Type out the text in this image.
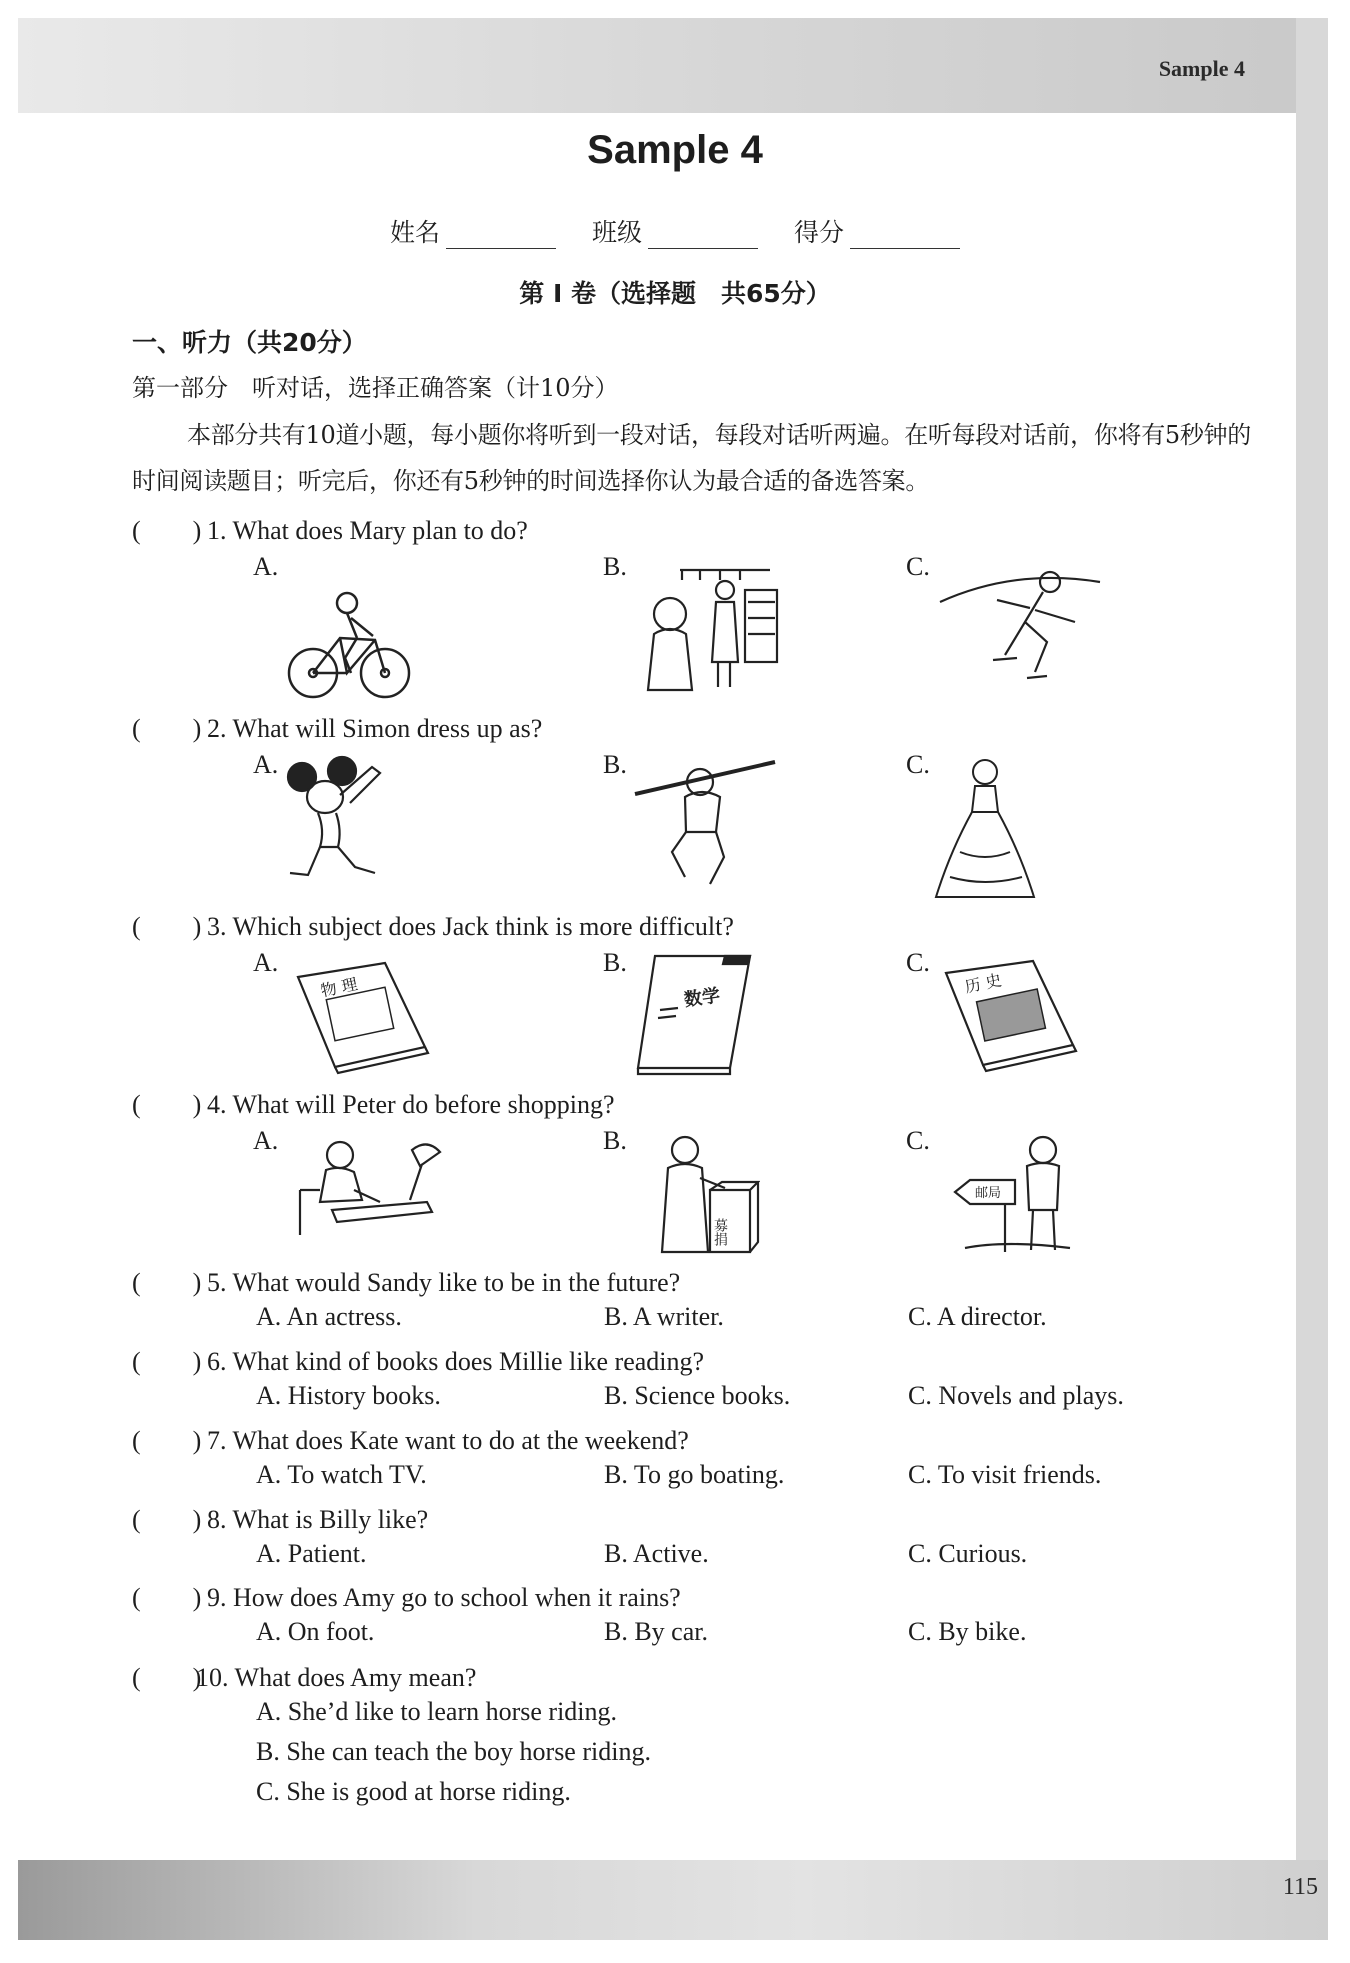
Sample 4
115
Sample 4
姓名	班级	得分
第 I 卷（选择题　共65分）
一、听力（共20分）
第一部分　听对话，选择正确答案（计10分）
本部分共有10道小题，每小题你将听到一段对话，每段对话听两遍。在听每段对话前，你将有5秒钟的时间阅读题目；听完后，你还有5秒钟的时间选择你认为最合适的备选答案。
(　　) 1. What does Mary plan to do?
A.	B.	C.
(　　) 2. What will Simon dress up as?
A.	B.	C.
(　　) 3. Which subject does Jack think is more difficult?
A.	B.	C.
物 理	数学
历 史
(　　) 4. What will Peter do before shopping?
A.	B.	C.
募捐
邮局
(　　) 5. What would Sandy like to be in the future?
A. An actress.	B. A writer.	C. A director.
(　　) 6. What kind of books does Millie like reading?
A. History books.	B. Science books.	C. Novels and plays.
(　　) 7. What does Kate want to do at the weekend?
A. To watch TV.	B. To go boating.	C. To visit friends.
(　　) 8. What is Billy like?
A. Patient.	B. Active.	C. Curious.
(　　) 9. How does Amy go to school when it rains?
A. On foot.	B. By car.	C. By bike.
(　　)10. What does Amy mean?
A. She’d like to learn horse riding.
B. She can teach the boy horse riding.
C. She is good at horse riding.
